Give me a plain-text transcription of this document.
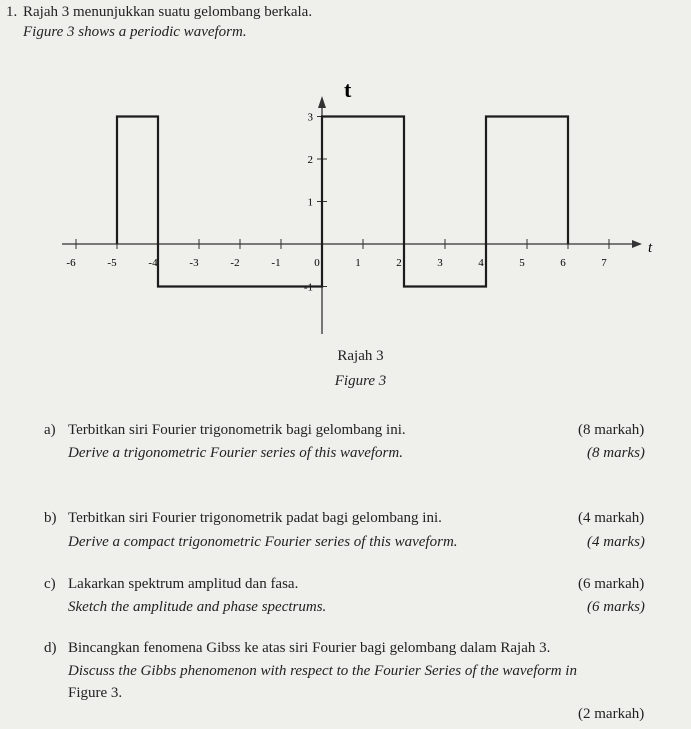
1. Rajah 3 menunjukkan suatu gelombang berkala.
Figure 3 shows a periodic waveform.
-6	-5	-4	-3	-2	-1	0	1	2	3	4	5	6	7
3
2
1
-1
t
t
Rajah 3
Figure 3
a) Terbitkan siri Fourier trigonometrik bagi gelombang ini.	(8 markah)
Derive a trigonometric Fourier series of this waveform.	(8 marks)
b) Terbitkan siri Fourier trigonometrik padat bagi gelombang ini.	(4 markah)
Derive a compact trigonometric Fourier series of this waveform.	(4 marks)
c) Lakarkan spektrum amplitud dan fasa.	(6 markah)
Sketch the amplitude and phase spectrums.	(6 marks)
d) Bincangkan fenomena Gibss ke atas siri Fourier bagi gelombang dalam Rajah 3.
Discuss the Gibbs phenomenon with respect to the Fourier Series of the waveform in
Figure 3.
(2 markah)
